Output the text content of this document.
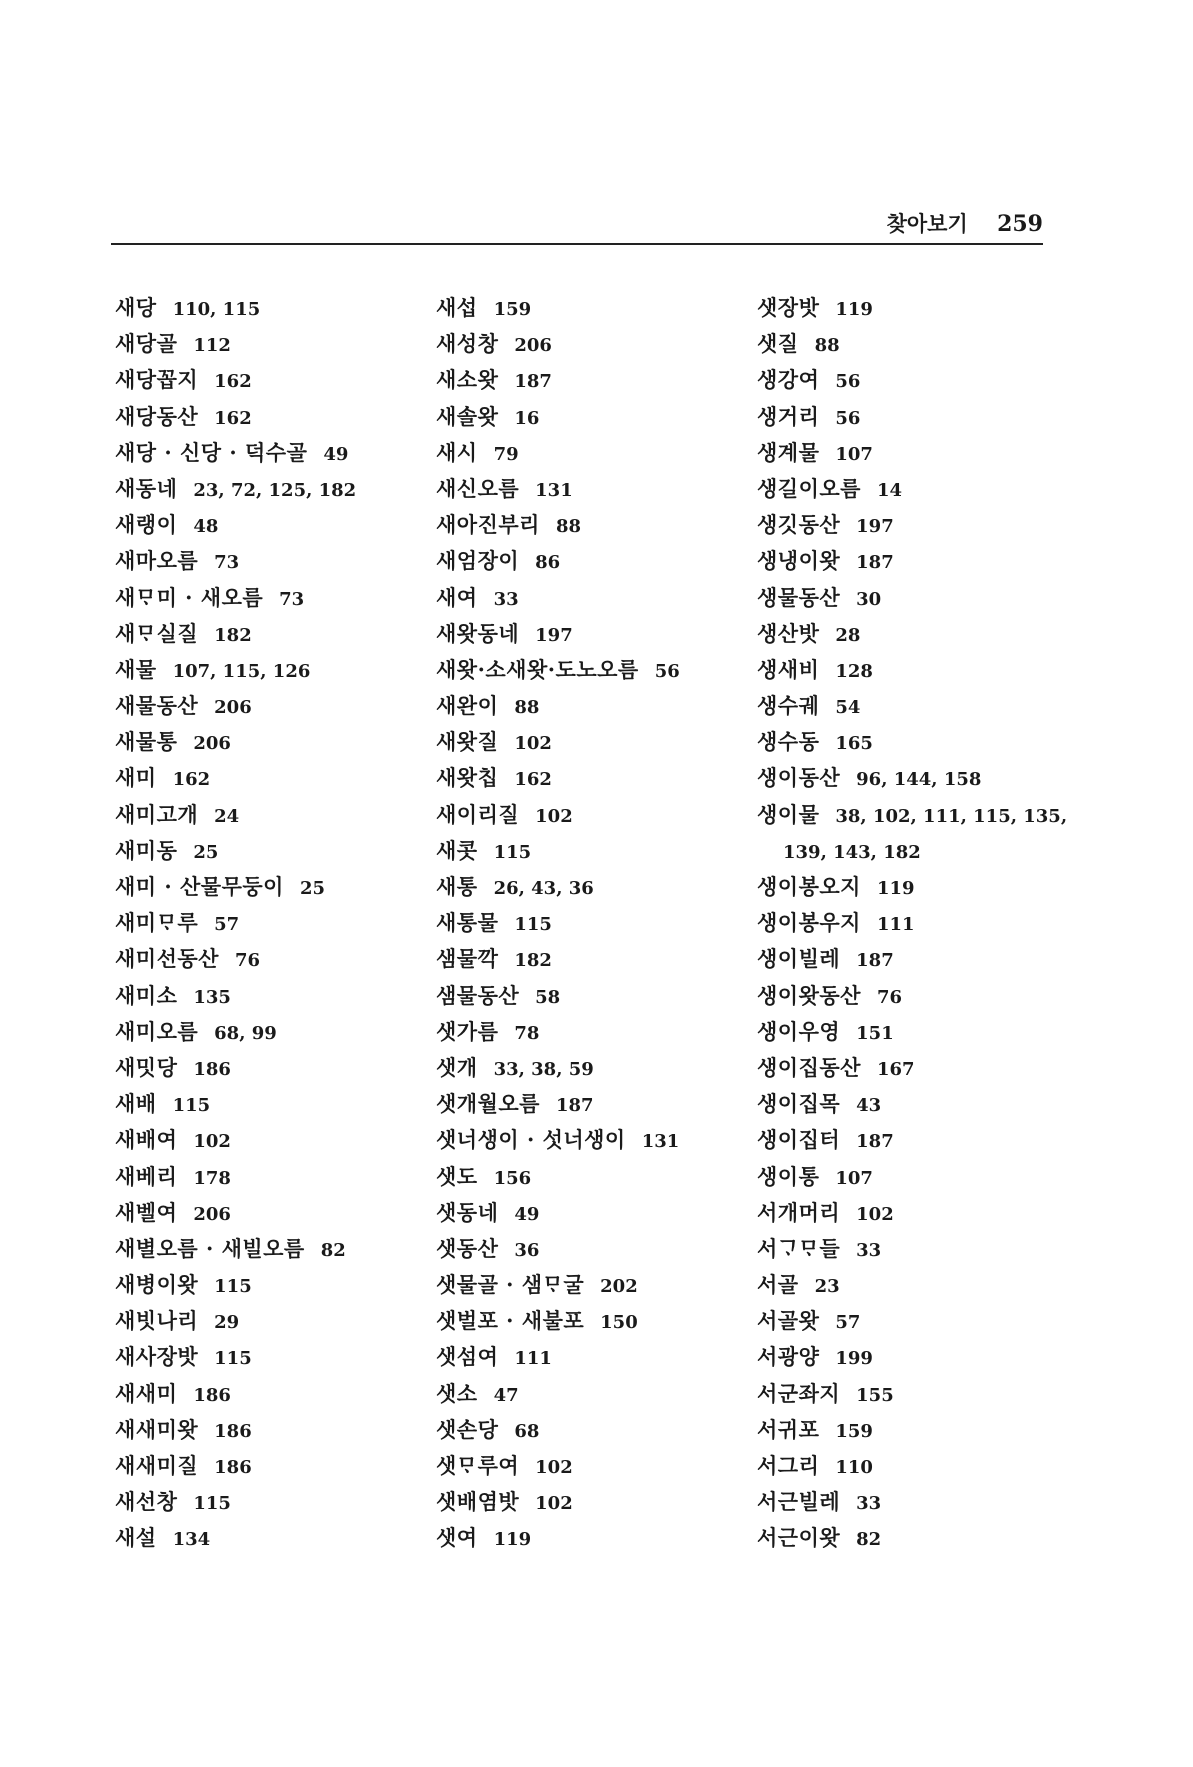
찾아보기 259
새당 110, 115
새당골 112
새당꼽지 162
새당동산 162
새당 · 신당 · 덕수골 49
새동네 23, 72, 125, 182
새랭이 48
새마오름 73
새ᄆᆞ미 · 새오름 73
새ᄆᆞ실질 182
새물 107, 115, 126
새물동산 206
새물통 206
새미 162
새미고개 24
새미동 25
새미 · 산물무둥이 25
새미ᄆᆞ루 57
새미선동산 76
새미소 135
새미오름 68, 99
새밋당 186
새배 115
새배여 102
새베리 178
새벨여 206
새별오름 · 새빌오름 82
새병이왓 115
새빗나리 29
새사장밧 115
새새미 186
새새미왓 186
새새미질 186
새선창 115
새설 134
새섭 159
새성창 206
새소왓 187
새솔왓 16
새시 79
새신오름 131
새아진부리 88
새엄장이 86
새여 33
새왓동네 197
새왓·소새왓·도노오름 56
새완이 88
새왓질 102
새왓칩 162
새이리질 102
새콧 115
새통 26, 43, 36
새통물 115
샘물깍 182
샘물동산 58
샛가름 78
샛개 33, 38, 59
샛개월오름 187
샛너생이 · 섯너생이 131
샛도 156
샛동네 49
샛동산 36
샛물골 · 샘ᄆᆞ굴 202
샛벌포 · 새불포 150
샛섬여 111
샛소 47
샛손당 68
샛ᄆᆞ루여 102
샛배염밧 102
샛여 119
샛장밧 119
샛질 88
생강여 56
생거리 56
생계물 107
생길이오름 14
생깃동산 197
생냉이왓 187
생물동산 30
생산밧 28
생새비 128
생수궤 54
생수동 165
생이동산 96, 144, 158
생이물 38, 102, 111, 115, 135,
139, 143, 182
생이봉오지 119
생이봉우지 111
생이빌레 187
생이왓동산 76
생이우영 151
생이집동산 167
생이집목 43
생이집터 187
생이통 107
서개머리 102
서ᄀᆞᄆᆞ들 33
서골 23
서골왓 57
서광양 199
서군좌지 155
서귀포 159
서그리 110
서근빌레 33
서근이왓 82
